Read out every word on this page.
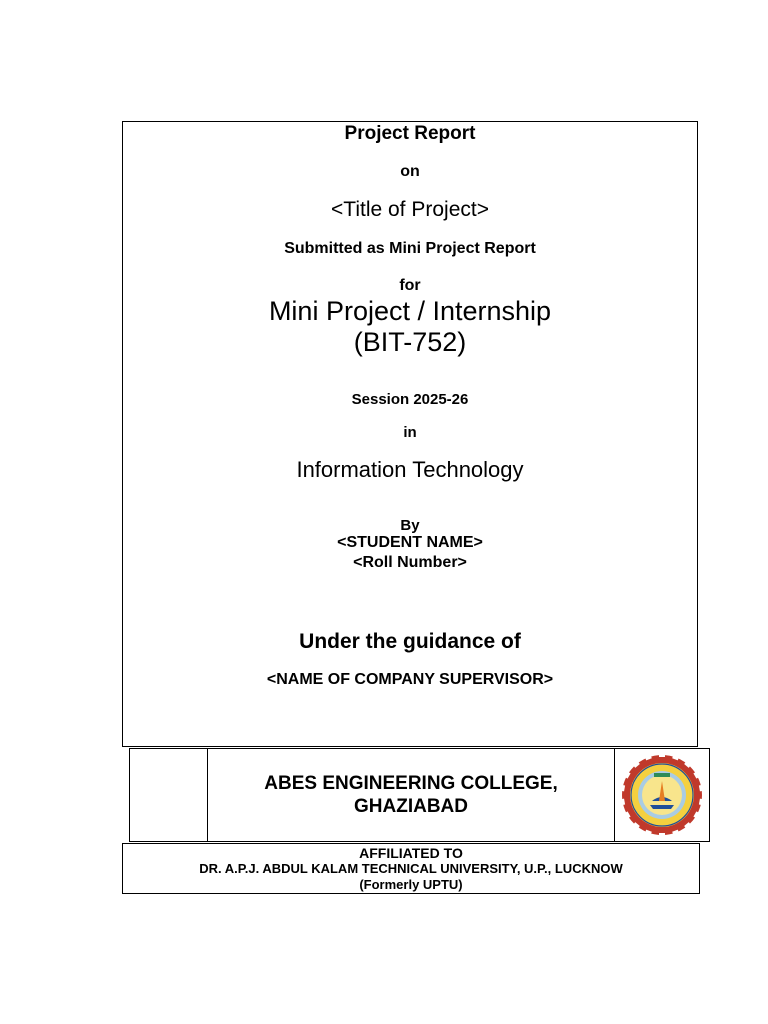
Project Report
on
<Title of Project>
Submitted as Mini Project Report
for
Mini Project / Internship
(BIT-752)
Session 2025-26
in
Information Technology
By
<STUDENT NAME>
<Roll Number>
Under the guidance of
<NAME OF COMPANY SUPERVISOR>
ABES ENGINEERING COLLEGE,
GHAZIABAD
AFFILIATED TO
DR. A.P.J. ABDUL KALAM TECHNICAL UNIVERSITY, U.P., LUCKNOW
(Formerly UPTU)
